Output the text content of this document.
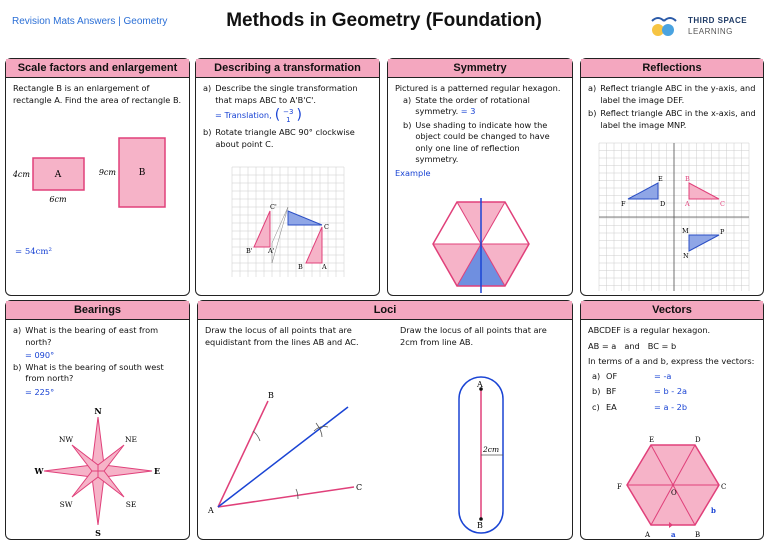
Revision Mats Answers | Geometry	Methods in Geometry (Foundation)	THIRD SPACE
LEARNING
Scale factors and enlargement
Rectangle B is an enlargement of rectangle A. Find the area of rectangle B.
A	B
4cm
6cm
9cm
= 54cm²
Describing a transformation
a) Describe the single transformation that maps ABC to A'B'C'.
= Translation, ( −3
1 )
b) Rotate triangle ABC 90° clockwise about point C.
C'
B' A'
C
B	A
Symmetry
Pictured is a patterned regular hexagon.
a) State the order of rotational symmetry. = 3
b) Use shading to indicate how the object could be changed to have only one line of reflection symmetry.
Example
Reflections
a) Reflect triangle ABC in the y-axis, and label the image DEF.
b) Reflect triangle ABC in the x-axis, and label the image MNP.
E
F	D
B
A	C
M
N
P
Bearings
a) What is the bearing of east from north?
= 090°
b) What is the bearing of south west from north?
= 225°
N
S
W	E
NW	NE
SW	SE
Loci
Draw the locus of all points that are equidistant from the lines AB and AC.
Draw the locus of all points that are 2cm from line AB.
A
B
C
A
B
2cm
Vectors
ABCDEF is a regular hexagon.
AB = a and BC = b
In terms of a and b, express the vectors:
a) OF	= -a
b) BF	= b - 2a
c) EA	= a - 2b
E	D
C
F
O
A	B
a
b
